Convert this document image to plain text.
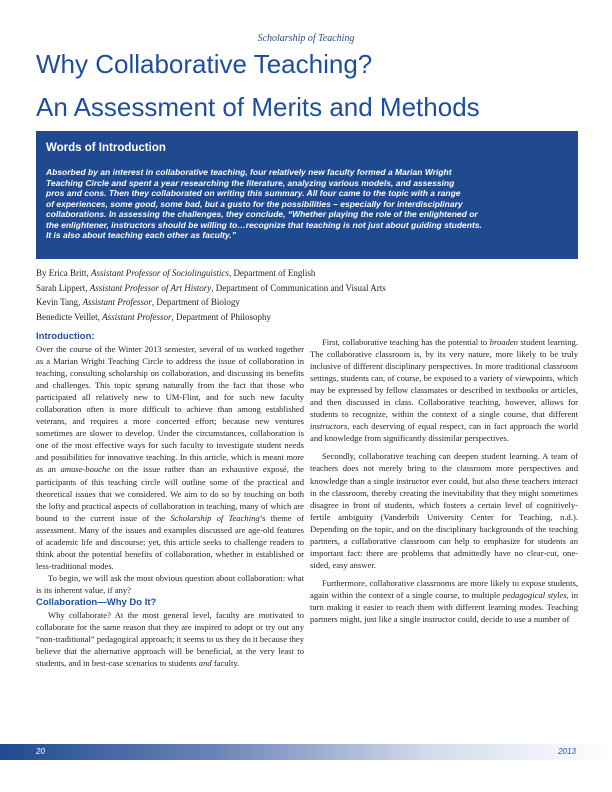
Scholarship of Teaching
Why Collaborative Teaching?
An Assessment of Merits and Methods
Words of Introduction
Absorbed by an interest in collaborative teaching, four relatively new faculty formed a Marian Wright
Teaching Circle and spent a year researching the literature, analyzing various models, and assessing
pros and cons. Then they collaborated on writing this summary. All four came to the topic with a range
of experiences, some good, some bad, but a gusto for the possibilities – especially for interdisciplinary
collaborations. In assessing the challenges, they conclude, “Whether playing the role of the enlightened or
the enlightener, instructors should be willing to…recognize that teaching is not just about guiding students.
It is also about teaching each other as faculty.”
By Erica Britt, Assistant Professor of Sociolinguistics, Department of English
Sarah Lippert, Assistant Professor of Art History, Department of Communication and Visual Arts
Kevin Tang, Assistant Professor, Department of Biology
Benedicte Veillet, Assistant Professor, Department of Philosophy
Introduction:

Over the course of the Winter 2013 semester, several of us worked together as a Marian Wright Teaching Circle to address the issue of collaboration in teaching, consulting scholarship on collaboration, and discussing its benefits and challenges. This topic sprung naturally from the fact that those who participated all relatively new to UM-Flint, and for such new faculty collaboration often is more difficult to achieve than among established veterans, and requires a more concerted effort; because new ventures sometimes are slower to develop. Under the circumstances, collaboration is one of the most effective ways for such faculty to investigate student needs and possibilities for innovative teaching. In this article, which is meant more as an amuse-bouche on the issue rather than an exhaustive exposé, the participants of this teaching circle will outline some of the practical and theoretical issues that we considered. We aim to do so by touching on both the lofty and practical aspects of collaboration in teaching, many of which are bound to the current issue of the Scholarship of Teaching’s theme of assessment. Many of the issues and examples discussed are age-old features of academic life and discourse; yet, this article seeks to challenge readers to think about the potential benefits of collaboration, whether in established or less-traditional modes.

To begin, we will ask the most obvious question about collaboration: what is its inherent value, if any?

Collaboration—Why Do It?

Why collaborate? At the most general level, faculty are motivated to collaborate for the same reason that they are inspired to adopt or try out any “non-traditional” pedagogical approach; it seems to us they do it because they believe that the alternative approach will be beneficial, at the very least to students, and in best-case scenarios to students and faculty.

First, collaborative teaching has the potential to broaden student learning. The collaborative classroom is, by its very nature, more likely to be truly inclusive of different disciplinary perspectives. In more traditional classroom settings, students can, of course, be exposed to a variety of viewpoints, which may be expressed by fellow classmates or described in textbooks or articles, and then discussed in class. Collaborative teaching, however, allows for students to recognize, within the context of a single course, that different instructors, each deserving of equal respect, can in fact approach the world and knowledge from significantly dissimilar perspectives.

Secondly, collaborative teaching can deepen student learning. A team of teachers does not merely bring to the classroom more perspectives and knowledge than a single instructor ever could, but also these teachers interact in the classroom, thereby creating the inevitability that they might sometimes disagree in front of students, which fosters a certain level of cognitively-fertile ambiguity (Vanderbilt University Center for Teaching, n.d.). Depending on the topic, and on the disciplinary backgrounds of the teaching partners, a collaborative classroom can help to emphasize for students an important fact: there are problems that admittedly have no clear-cut, one-sided, easy answer.

Furthermore, collaborative classrooms are more likely to expose students, again within the context of a single course, to multiple pedagogical styles, in turn making it easier to reach them with different learning modes. Teaching partners might, just like a single instructor could, decide to use a number of

20	2013
